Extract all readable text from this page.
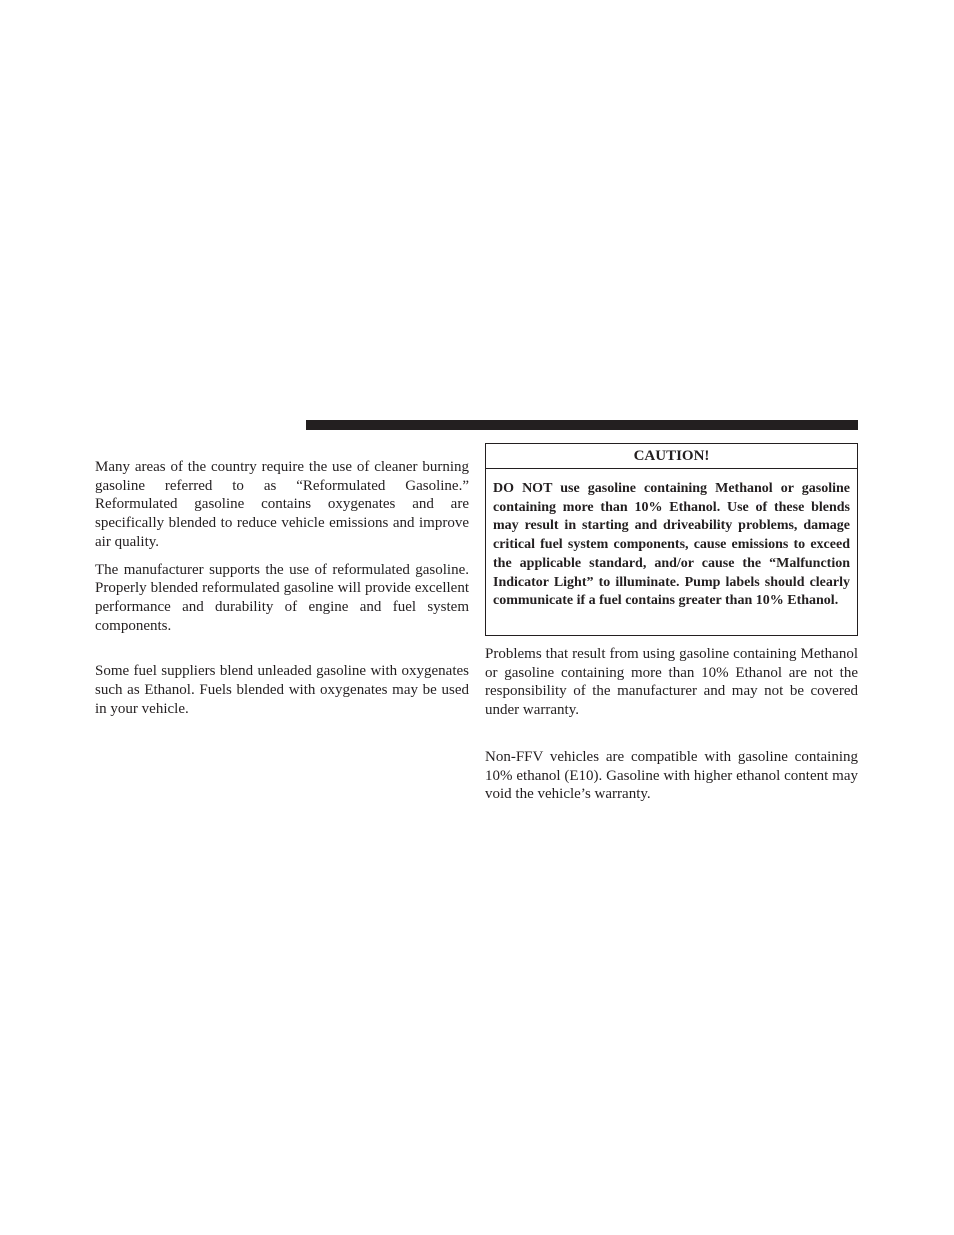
Many areas of the country require the use of cleaner burning gasoline referred to as “Reformulated Gasoline.” Reformulated gasoline contains oxygenates and are specifically blended to reduce vehicle emissions and improve air quality.

The manufacturer supports the use of reformulated gasoline. Properly blended reformulated gasoline will provide excellent performance and durability of engine and fuel system components.

Some fuel suppliers blend unleaded gasoline with oxygenates such as Ethanol. Fuels blended with oxygenates may be used in your vehicle.

CAUTION!
DO NOT use gasoline containing Methanol or gasoline containing more than 10% Ethanol. Use of these blends may result in starting and driveability problems, damage critical fuel system components, cause emissions to exceed the applicable standard, and/or cause the “Malfunction Indicator Light” to illuminate. Pump labels should clearly communicate if a fuel contains greater than 10% Ethanol.

Problems that result from using gasoline containing Methanol or gasoline containing more than 10% Ethanol are not the responsibility of the manufacturer and may not be covered under warranty.

Non-FFV vehicles are compatible with gasoline containing 10% ethanol (E10). Gasoline with higher ethanol content may void the vehicle’s warranty.
